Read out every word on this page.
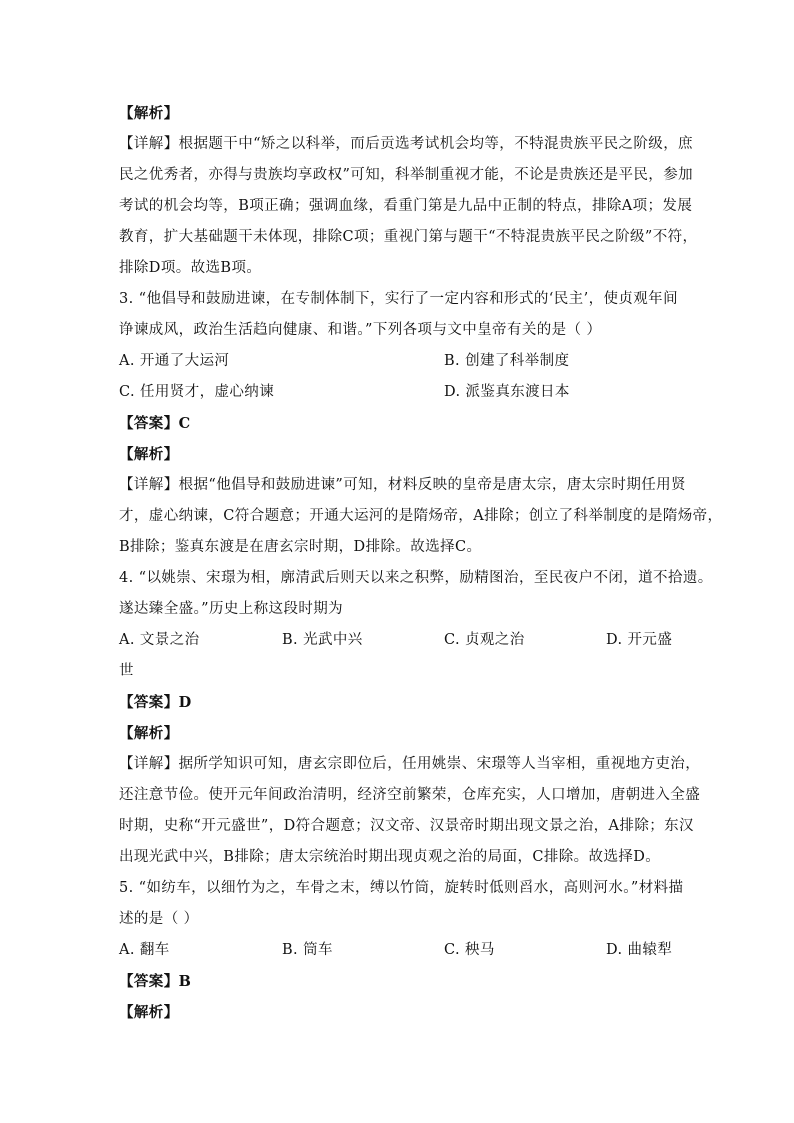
【解析】
【详解】根据题干中“矫之以科举，而后贡选考试机会均等，不特混贵族平民之阶级，庶
民之优秀者，亦得与贵族均享政权”可知，科举制重视才能，不论是贵族还是平民，参加
考试的机会均等，B项正确；强调血缘，看重门第是九品中正制的特点，排除A项；发展
教育，扩大基础题干未体现，排除C项；重视门第与题干“不特混贵族平民之阶级”不符，
排除D项。故选B项。
3. “他倡导和鼓励进谏，在专制体制下，实行了一定内容和形式的‘民主’，使贞观年间
诤谏成风，政治生活趋向健康、和谐。”下列各项与文中皇帝有关的是（ ）
A. 开通了大运河	B. 创建了科举制度
C. 任用贤才，虚心纳谏	D. 派鉴真东渡日本
【答案】C
【解析】
【详解】根据“他倡导和鼓励进谏”可知，材料反映的皇帝是唐太宗，唐太宗时期任用贤
才，虚心纳谏，C符合题意；开通大运河的是隋炀帝，A排除；创立了科举制度的是隋炀帝，
B排除；鉴真东渡是在唐玄宗时期，D排除。故选择C。
4. “以姚崇、宋璟为相，廓清武后则天以来之积弊，励精图治，至民夜户不闭，道不拾遗。
遂达臻全盛。”历史上称这段时期为
A. 文景之治	B. 光武中兴	C. 贞观之治	D. 开元盛
世
【答案】D
【解析】
【详解】据所学知识可知，唐玄宗即位后，任用姚崇、宋璟等人当宰相，重视地方吏治，
还注意节俭。使开元年间政治清明，经济空前繁荣，仓库充实，人口增加，唐朝进入全盛
时期，史称“开元盛世”，D符合题意；汉文帝、汉景帝时期出现文景之治，A排除；东汉
出现光武中兴，B排除；唐太宗统治时期出现贞观之治的局面，C排除。故选择D。
5. “如纺车，以细竹为之，车骨之末，缚以竹筒，旋转时低则舀水，高则河水。”材料描
述的是（ ）
A. 翻车	B. 筒车	C. 秧马	D. 曲辕犁
【答案】B
【解析】
